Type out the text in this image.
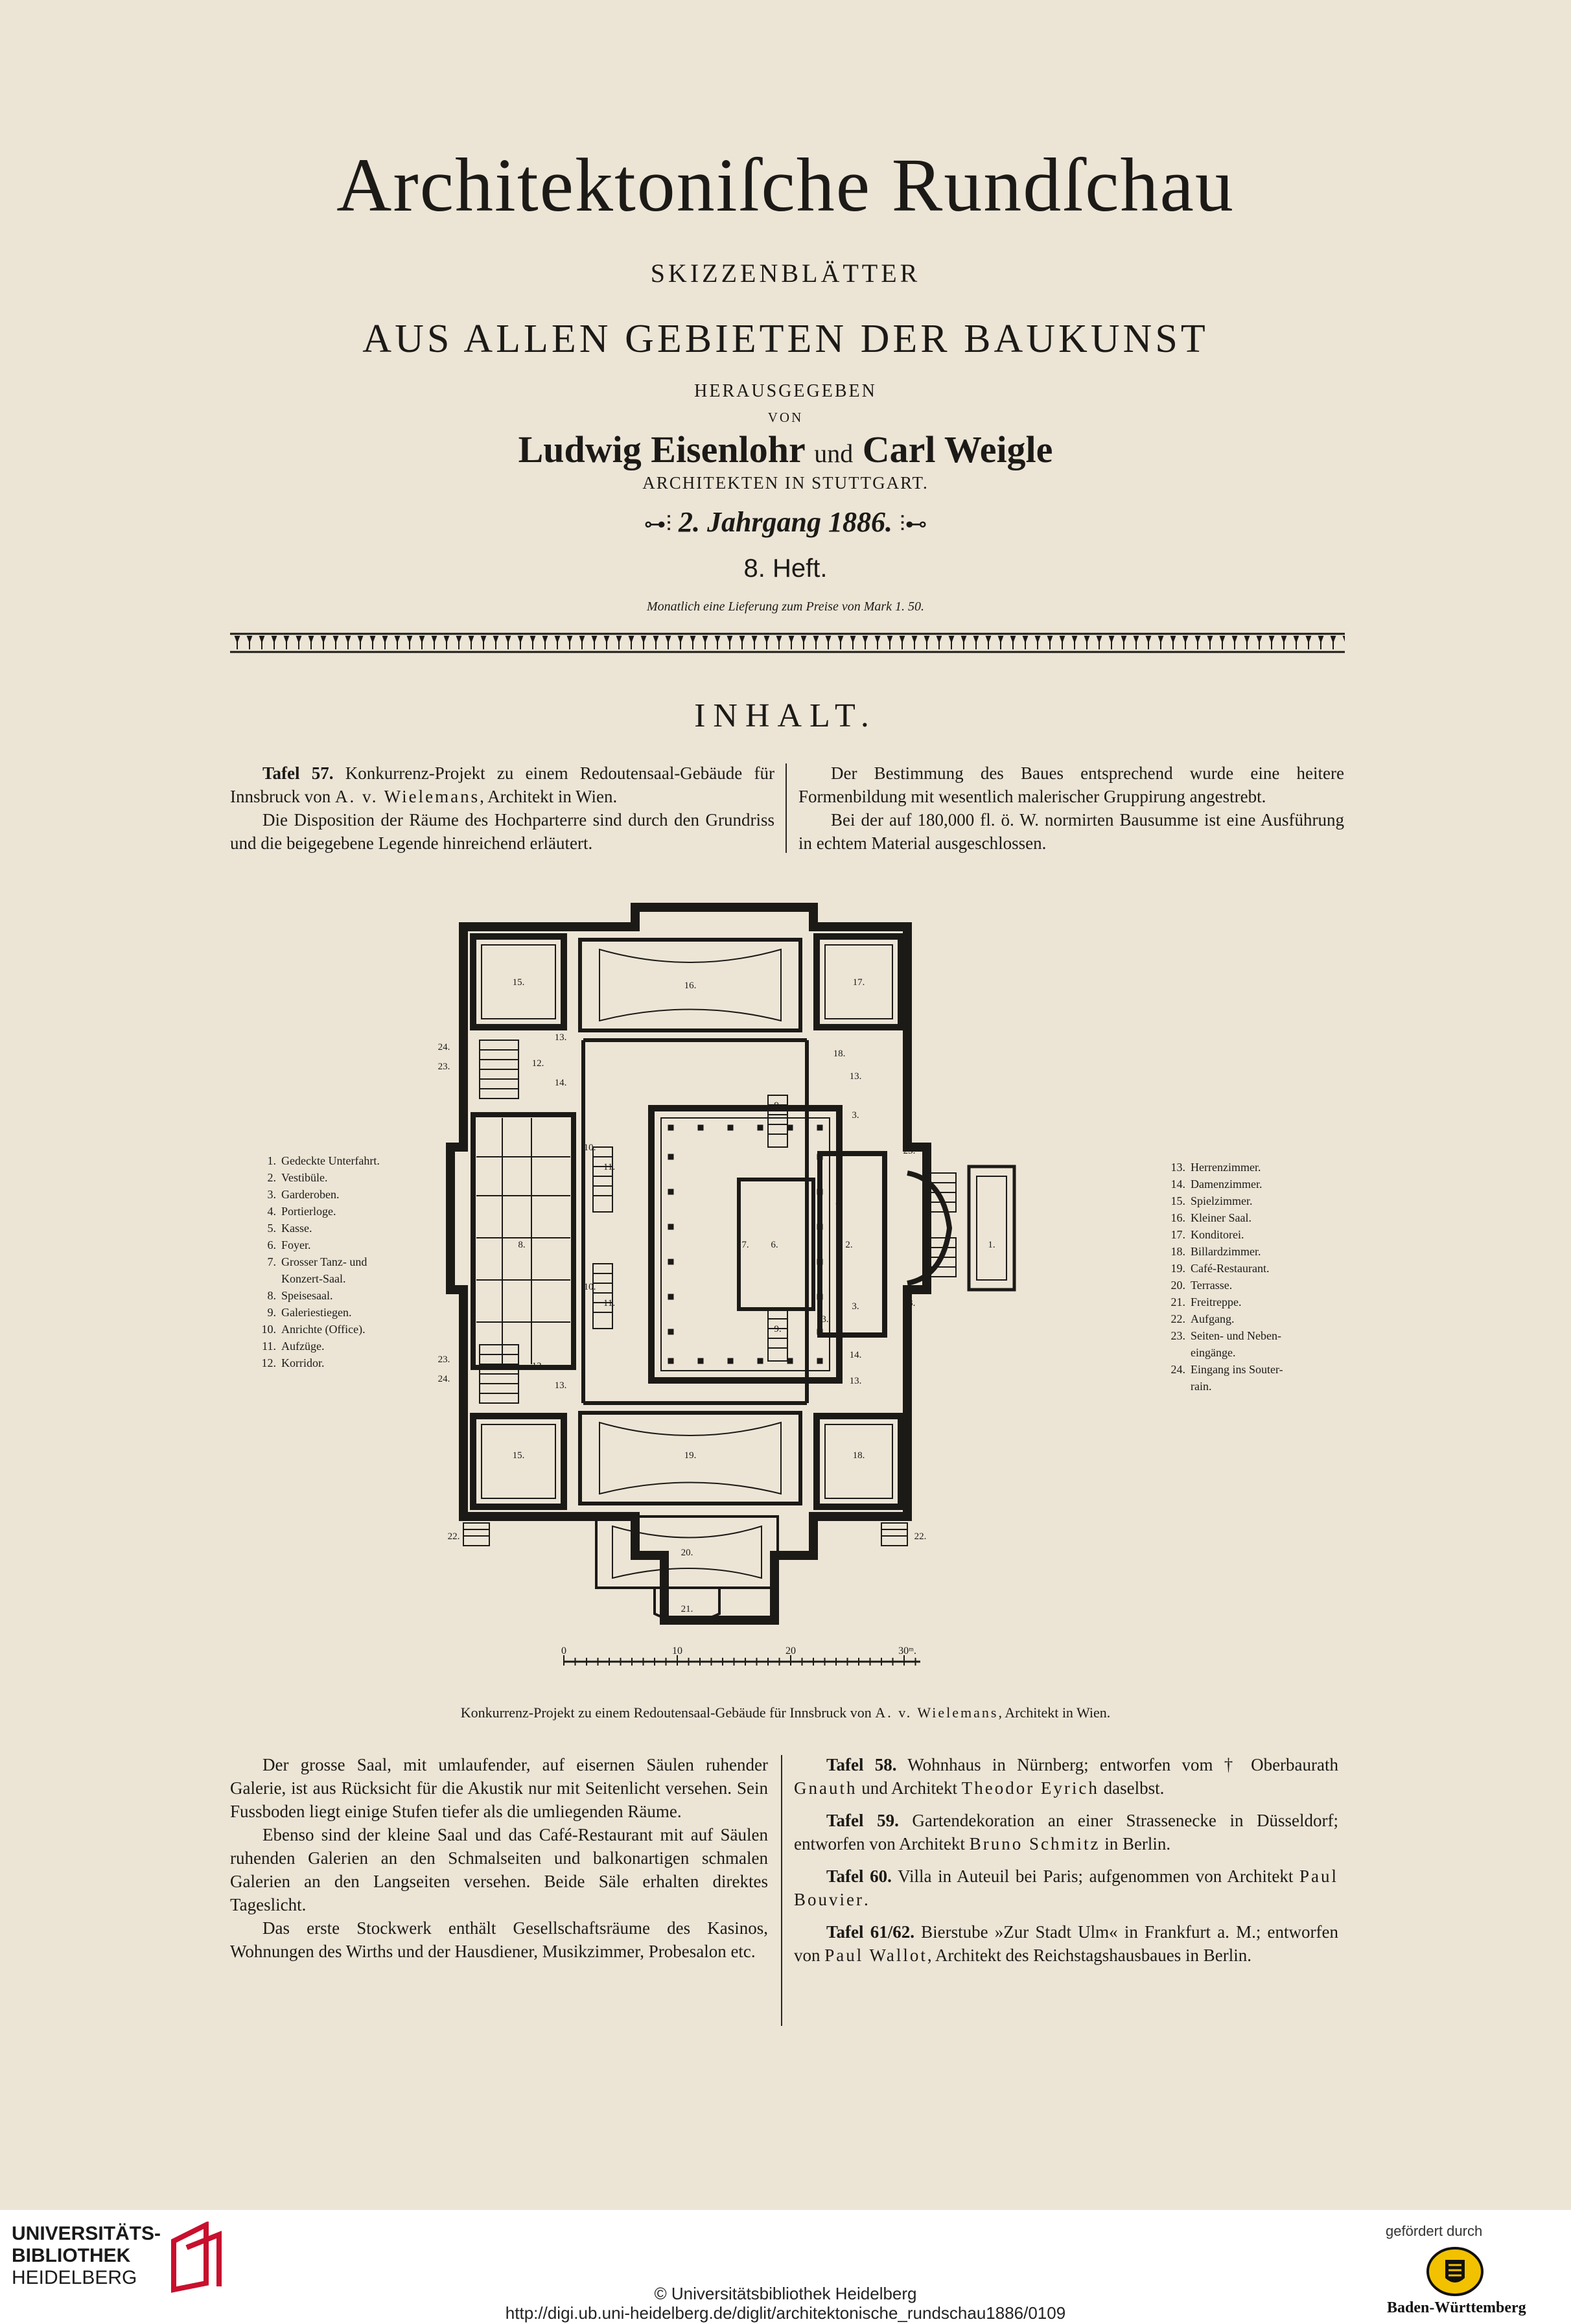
Architektoniſche Rundſchau
SKIZZENBLÄTTER
AUS ALLEN GEBIETEN DER BAUKUNST
HERAUSGEGEBEN
VON
Ludwig Eisenlohr und Carl Weigle
ARCHITEKTEN IN STUTTGART.
⊶⫶ 2. Jahrgang 1886. ⫶⊷
8. Heft.
Monatlich eine Lieferung zum Preise von Mark 1. 50.
INHALT.

Tafel 57. Konkurrenz-Projekt zu einem Redoutensaal-Gebäude für Innsbruck von A. v. Wielemans, Architekt in Wien.

Die Disposition der Räume des Hochparterre sind durch den Grundriss und die beigegebene Legende hinreichend erläutert.

Der Bestimmung des Baues entsprechend wurde eine heitere Formenbildung mit wesentlich malerischer Gruppirung angestrebt.

Bei der auf 180,000 fl. ö. W. normirten Bausumme ist eine Ausführung in echtem Material ausgeschlossen.

1. Gedeckte Unterfahrt.
2. Vestibüle.
3. Garderoben.
4. Portierloge.
5. Kasse.
6. Foyer.
7. Grosser Tanz- und
Konzert-Saal.
8. Speisesaal.
9. Galeriestiegen.
10. Anrichte (Office).
11. Aufzüge.
12. Korridor.
13. Herrenzimmer.
14. Damenzimmer.
15. Spielzimmer.
16. Kleiner Saal.
17. Konditorei.
18. Billardzimmer.
19. Café-Restaurant.
20. Terrasse.
21. Freitreppe.
22. Aufgang.
23. Seiten- und Neben-
eingänge.
24. Eingang ins Souter-
rain.
15.	16.	17.
7.
8.	6.	2.	1.
15.	19.	18.
20.
21.
24.
23.	12.
13.
14.
10.
11.
9.
18.
13.
3.
23.
23.
3.
3.
14.
13.
10.
11.
9.
23.
24.
12.
13.
22.	22.
4.
5.
0	10	20	30ᵐ.
Konkurrenz-Projekt zu einem Redoutensaal-Gebäude für Innsbruck von A. v. Wielemans, Architekt in Wien.

Der grosse Saal, mit umlaufender, auf eisernen Säulen ruhender Galerie, ist aus Rücksicht für die Akustik nur mit Seitenlicht versehen. Sein Fussboden liegt einige Stufen tiefer als die umliegenden Räume.

Ebenso sind der kleine Saal und das Café-Restaurant mit auf Säulen ruhenden Galerien an den Schmalseiten und balkonartigen schmalen Galerien an den Langseiten versehen. Beide Säle erhalten direktes Tageslicht.

Das erste Stockwerk enthält Gesellschaftsräume des Kasinos, Wohnungen des Wirths und der Hausdiener, Musikzimmer, Probesalon etc.

Tafel 58. Wohnhaus in Nürnberg; entworfen vom † Oberbaurath Gnauth und Architekt Theodor Eyrich daselbst.

Tafel 59. Gartendekoration an einer Strassenecke in Düsseldorf; entworfen von Architekt Bruno Schmitz in Berlin.

Tafel 60. Villa in Auteuil bei Paris; aufgenommen von Architekt Paul Bouvier.

Tafel 61/62. Bierstube »Zur Stadt Ulm« in Frankfurt a. M.; entworfen von Paul Wallot, Architekt des Reichstagshausbaues in Berlin.

UNIVERSITÄTS-
BIBLIOTHEK
HEIDELBERG
© Universitätsbibliothek Heidelberg
http://digi.ub.uni-heidelberg.de/diglit/architektonische_rundschau1886/0109
gefördert durch
Baden-Württemberg
